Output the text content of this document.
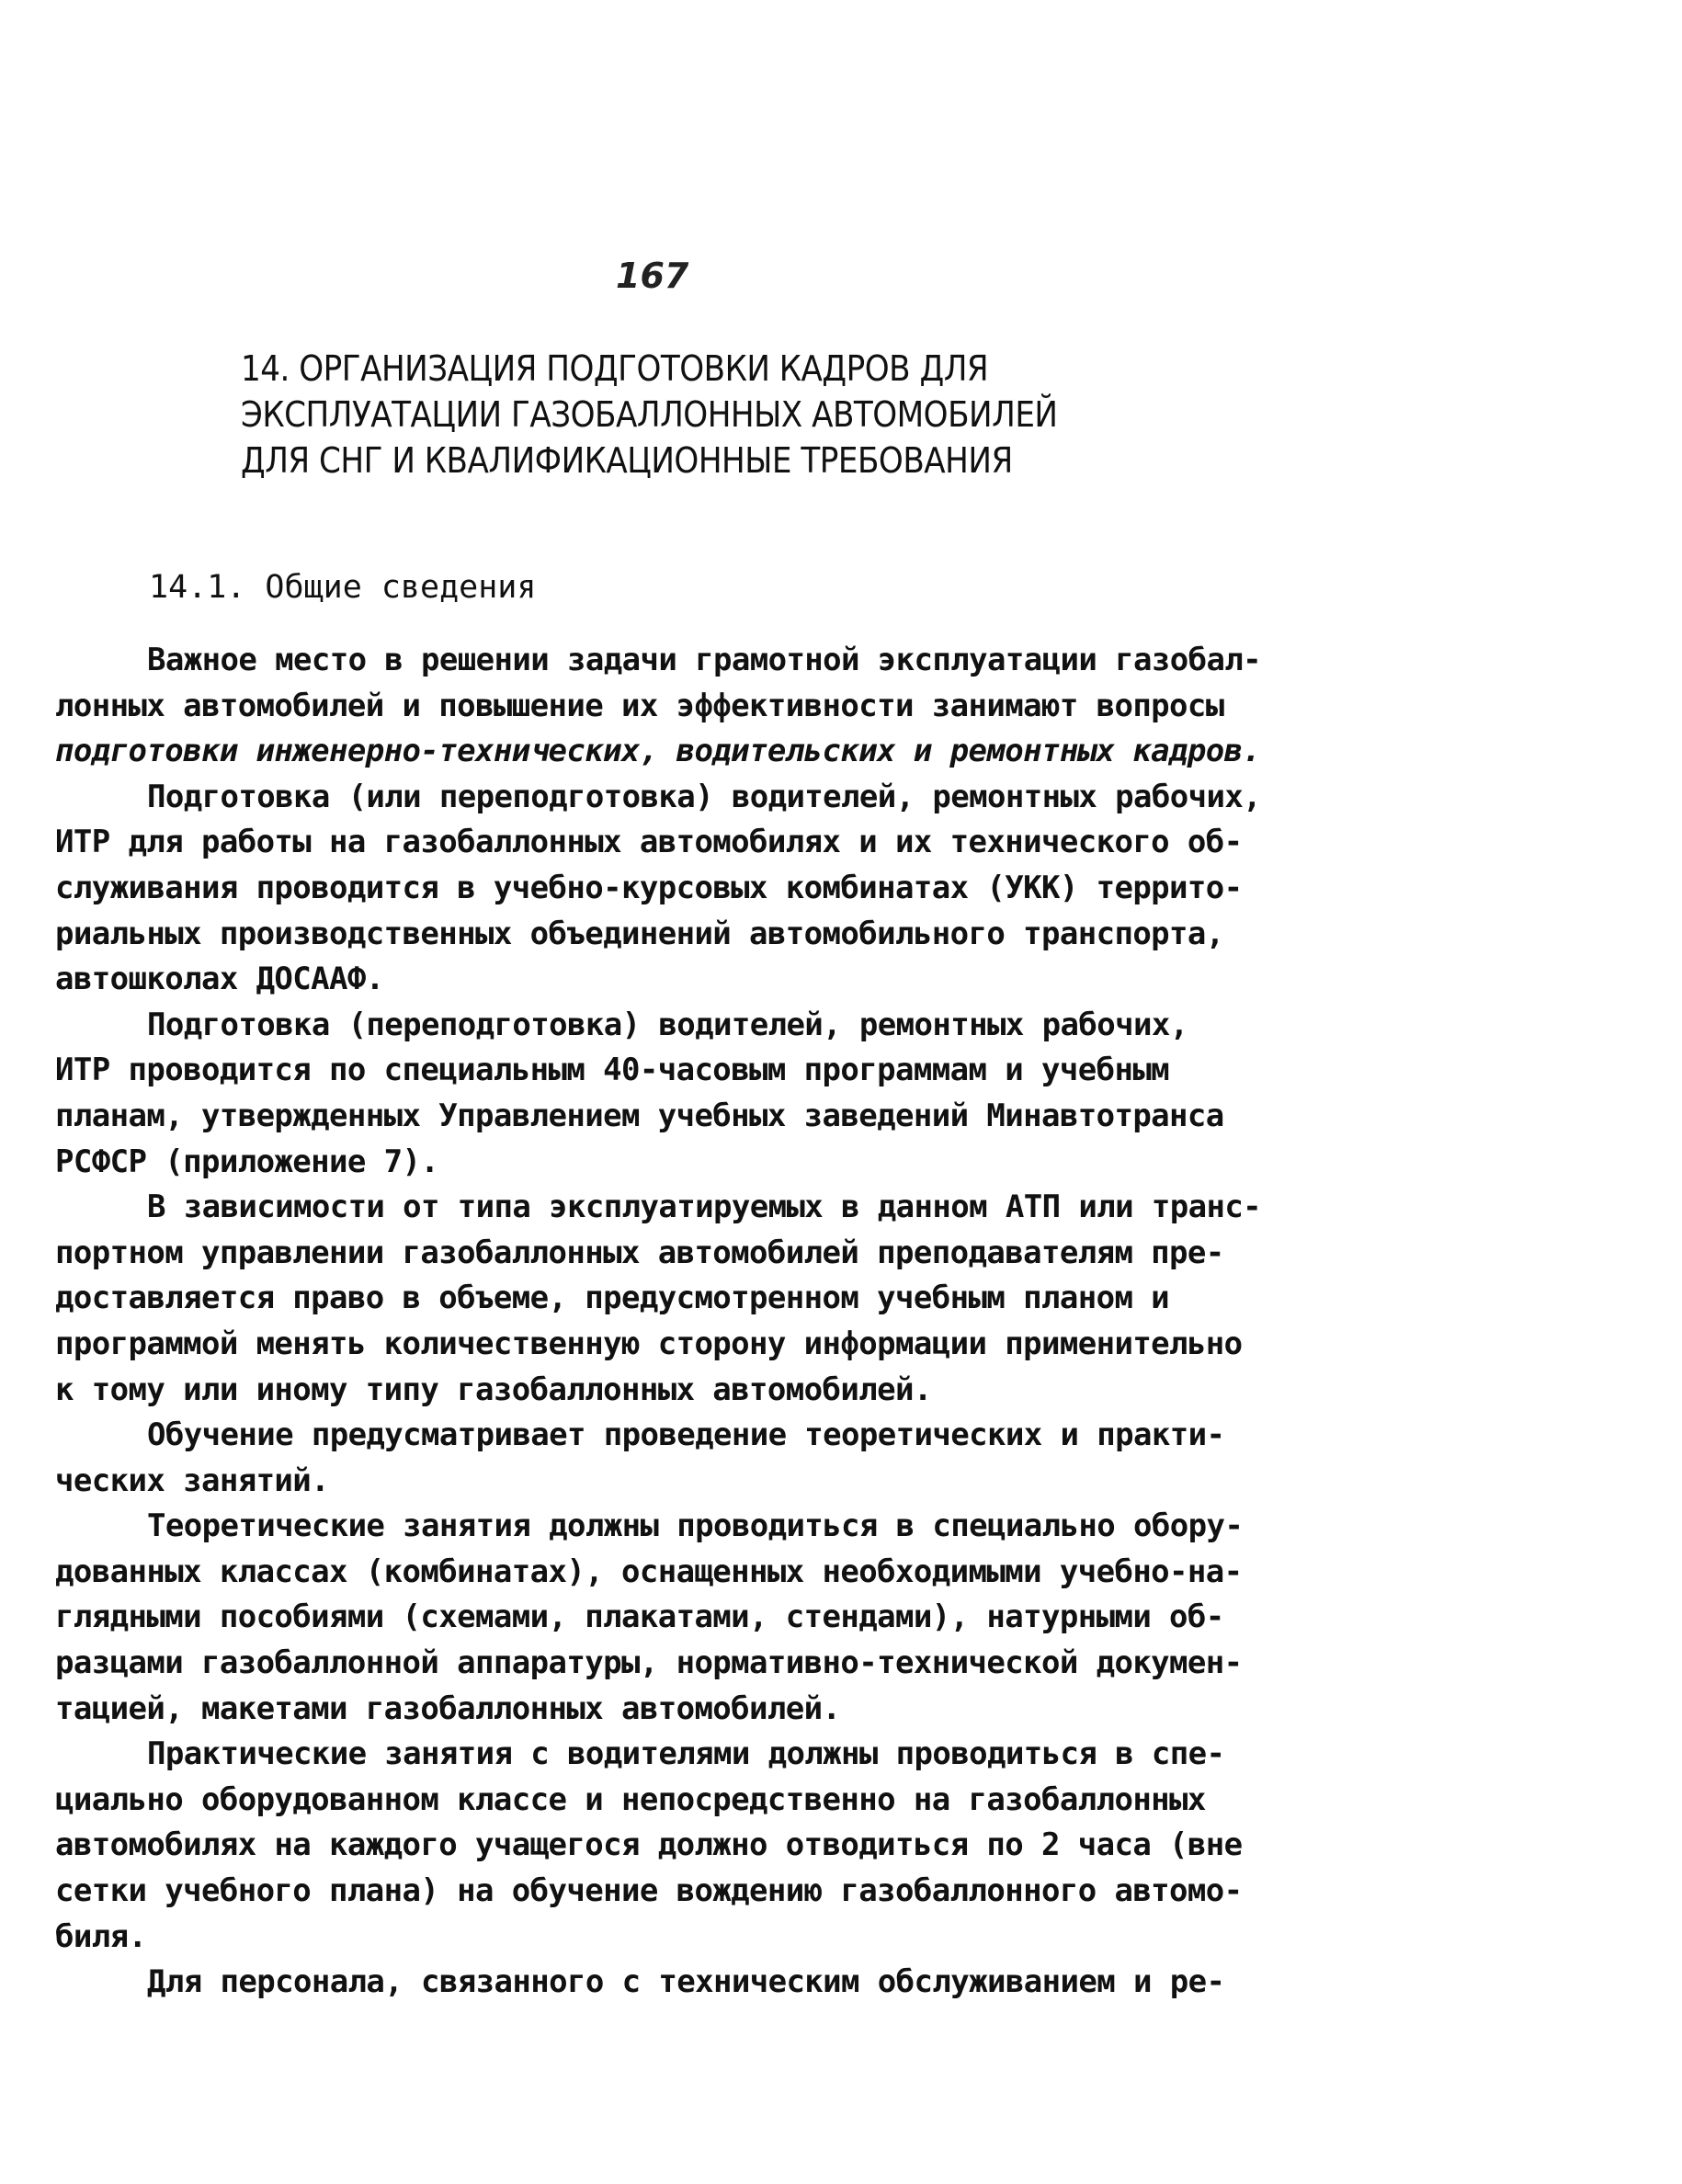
167
14. ОРГАНИЗАЦИЯ ПОДГОТОВКИ КАДРОВ ДЛЯ
ЭКСПЛУАТАЦИИ ГАЗОБАЛЛОННЫХ АВТОМОБИЛЕЙ
ДЛЯ СНГ И КВАЛИФИКАЦИОННЫЕ ТРЕБОВАНИЯ
14.1. Общие сведения
Важное место в решении задачи грамотной эксплуатации газобал-
лонных автомобилей и повышение их эффективности занимают вопросы
подготовки инженерно-технических, водительских и ремонтных кадров.
Подготовка (или переподготовка) водителей, ремонтных рабочих,
ИТР для работы на газобаллонных автомобилях и их технического об-
служивания проводится в учебно-курсовых комбинатах (УКК) террито-
риальных производственных объединений автомобильного транспорта,
автошколах ДОСААФ.
Подготовка (переподготовка) водителей, ремонтных рабочих,
ИТР проводится по специальным 40-часовым программам и учебным
планам, утвержденных Управлением учебных заведений Минавтотранса
РСФСР (приложение 7).
В зависимости от типа эксплуатируемых в данном АТП или транс-
портном управлении газобаллонных автомобилей преподавателям пре-
доставляется право в объеме, предусмотренном учебным планом и
программой менять количественную сторону информации применительно
к тому или иному типу газобаллонных автомобилей.
Обучение предусматривает проведение теоретических и практи-
ческих занятий.
Теоретические занятия должны проводиться в специально обору-
дованных классах (комбинатах), оснащенных необходимыми учебно-на-
глядными пособиями (схемами, плакатами, стендами), натурными об-
разцами газобаллонной аппаратуры, нормативно-технической докумен-
тацией, макетами газобаллонных автомобилей.
Практические занятия с водителями должны проводиться в спе-
циально оборудованном классе и непосредственно на газобаллонных
автомобилях на каждого учащегося должно отводиться по 2 часа (вне
сетки учебного плана) на обучение вождению газобаллонного автомо-
биля.
Для персонала, связанного с техническим обслуживанием и ре-
